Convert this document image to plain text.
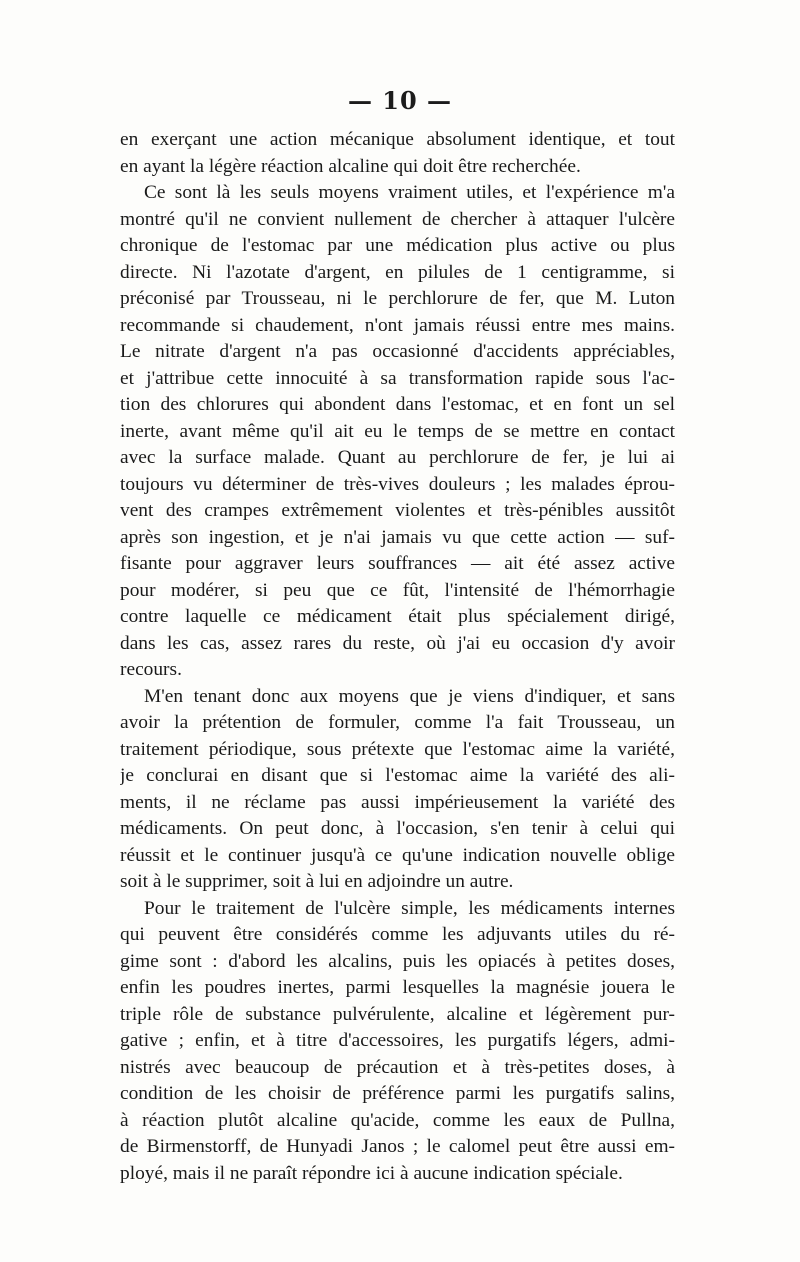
— 10 —
en exerçant une action mécanique absolument identique, et tout
en ayant la légère réaction alcaline qui doit être recherchée.
Ce sont là les seuls moyens vraiment utiles, et l'expérience m'a
montré qu'il ne convient nullement de chercher à attaquer l'ulcère
chronique de l'estomac par une médication plus active ou plus
directe. Ni l'azotate d'argent, en pilules de 1 centigramme, si
préconisé par Trousseau, ni le perchlorure de fer, que M. Luton
recommande si chaudement, n'ont jamais réussi entre mes mains.
Le nitrate d'argent n'a pas occasionné d'accidents appréciables,
et j'attribue cette innocuité à sa transformation rapide sous l'ac-
tion des chlorures qui abondent dans l'estomac, et en font un sel
inerte, avant même qu'il ait eu le temps de se mettre en contact
avec la surface malade. Quant au perchlorure de fer, je lui ai
toujours vu déterminer de très-vives douleurs ; les malades éprou-
vent des crampes extrêmement violentes et très-pénibles aussitôt
après son ingestion, et je n'ai jamais vu que cette action — suf-
fisante pour aggraver leurs souffrances — ait été assez active
pour modérer, si peu que ce fût, l'intensité de l'hémorrhagie
contre laquelle ce médicament était plus spécialement dirigé,
dans les cas, assez rares du reste, où j'ai eu occasion d'y avoir
recours.
M'en tenant donc aux moyens que je viens d'indiquer, et sans
avoir la prétention de formuler, comme l'a fait Trousseau, un
traitement périodique, sous prétexte que l'estomac aime la variété,
je conclurai en disant que si l'estomac aime la variété des ali-
ments, il ne réclame pas aussi impérieusement la variété des
médicaments. On peut donc, à l'occasion, s'en tenir à celui qui
réussit et le continuer jusqu'à ce qu'une indication nouvelle oblige
soit à le supprimer, soit à lui en adjoindre un autre.
Pour le traitement de l'ulcère simple, les médicaments internes
qui peuvent être considérés comme les adjuvants utiles du ré-
gime sont : d'abord les alcalins, puis les opiacés à petites doses,
enfin les poudres inertes, parmi lesquelles la magnésie jouera le
triple rôle de substance pulvérulente, alcaline et légèrement pur-
gative ; enfin, et à titre d'accessoires, les purgatifs légers, admi-
nistrés avec beaucoup de précaution et à très-petites doses, à
condition de les choisir de préférence parmi les purgatifs salins,
à réaction plutôt alcaline qu'acide, comme les eaux de Pullna,
de Birmenstorff, de Hunyadi Janos ; le calomel peut être aussi em-
ployé, mais il ne paraît répondre ici à aucune indication spéciale.
